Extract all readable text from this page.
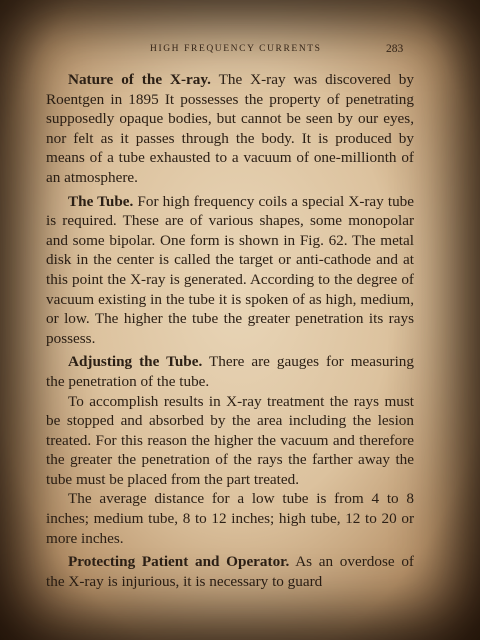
HIGH FREQUENCY CURRENTS	283

Nature of the X-ray. The X-ray was discovered by Roentgen in 1895 It possesses the property of penetrating supposedly opaque bodies, but cannot be seen by our eyes, nor felt as it passes through the body. It is produced by means of a tube exhausted to a vacuum of one-millionth of an atmosphere.

The Tube. For high frequency coils a special X-ray tube is required. These are of various shapes, some monopolar and some bipolar. One form is shown in Fig. 62. The metal disk in the center is called the target or anti-cathode and at this point the X-ray is generated. According to the degree of vacuum existing in the tube it is spoken of as high, medium, or low. The higher the tube the greater penetration its rays possess.

Adjusting the Tube. There are gauges for measuring the penetration of the tube.

To accomplish results in X-ray treatment the rays must be stopped and absorbed by the area including the lesion treated. For this reason the higher the vacuum and therefore the greater the penetration of the rays the farther away the tube must be placed from the part treated.

The average distance for a low tube is from 4 to 8 inches; medium tube, 8 to 12 inches; high tube, 12 to 20 or more inches.

Protecting Patient and Operator. As an overdose of the X-ray is injurious, it is necessary to guard
